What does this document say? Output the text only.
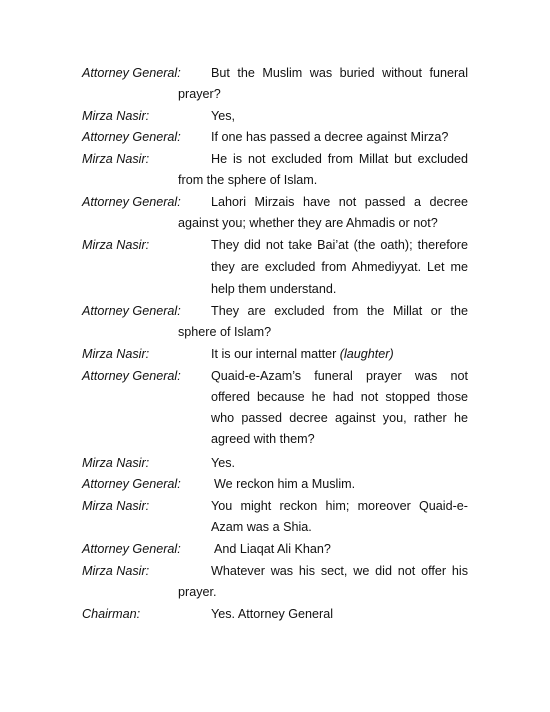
Attorney General: But the Muslim was buried without funeral
prayer?
Mirza Nasir:	Yes,
Attorney General: If one has passed a decree against Mirza?
Mirza Nasir:	He is not excluded from Millat but excluded
from the sphere of Islam.
Attorney General: Lahori Mirzais have not passed a decree
against you; whether they are Ahmadis or not?
Mirza Nasir:	They did not take Bai’at (the oath); therefore
they are excluded from Ahmediyyat. Let me
help them understand.
Attorney General: They are excluded from the Millat or the
sphere of Islam?
Mirza Nasir:	It is our internal matter (laughter)
Attorney General: Quaid-e-Azam’s funeral prayer was not
offered because he had not stopped those
who passed decree against you, rather he
agreed with them?
Mirza Nasir:	Yes.
Attorney General:	We reckon him a Muslim.
Mirza Nasir:	You might reckon him; moreover Quaid-e-
Azam was a Shia.
Attorney General:	And Liaqat Ali Khan?
Mirza Nasir:	Whatever was his sect, we did not offer his
prayer.
Chairman:	Yes. Attorney General
